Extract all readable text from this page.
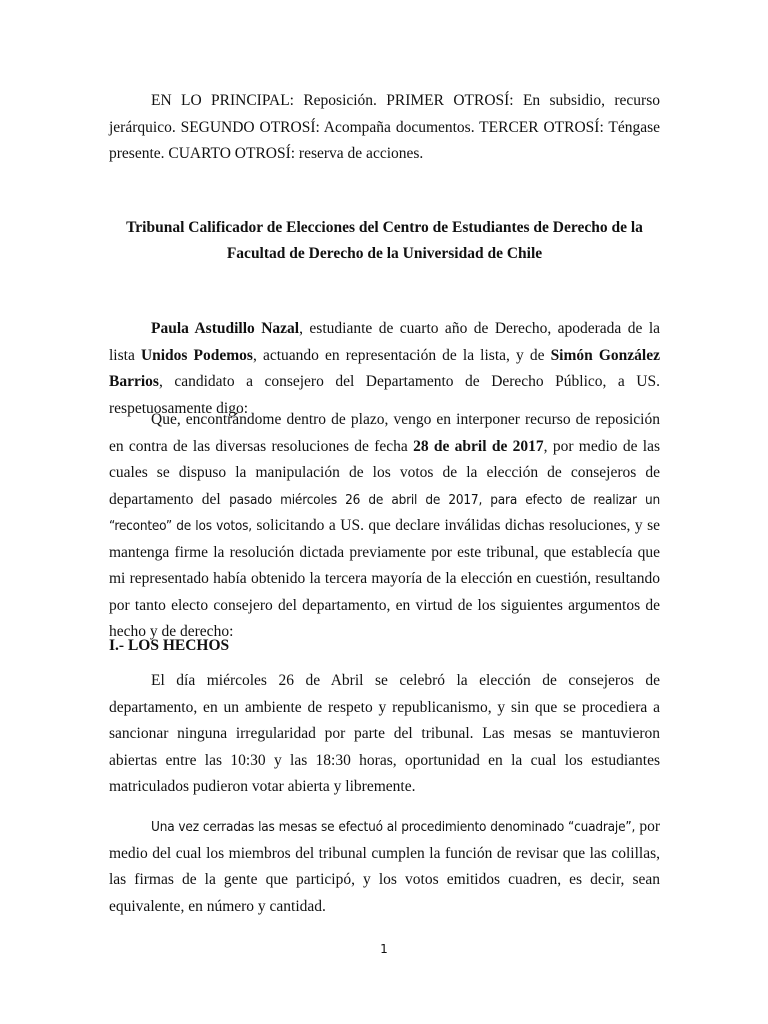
EN LO PRINCIPAL: Reposición. PRIMER OTROSÍ: En subsidio, recurso jerárquico. SEGUNDO OTROSÍ: Acompaña documentos. TERCER OTROSÍ: Téngase presente. CUARTO OTROSÍ: reserva de acciones.

Tribunal Calificador de Elecciones del Centro de Estudiantes de Derecho de la

Facultad de Derecho de la Universidad de Chile

Paula Astudillo Nazal, estudiante de cuarto año de Derecho, apoderada de la lista Unidos Podemos, actuando en representación de la lista, y de Simón González Barrios, candidato a consejero del Departamento de Derecho Público, a US. respetuosamente digo:

Que, encontrándome dentro de plazo, vengo en interponer recurso de reposición en contra de las diversas resoluciones de fecha 28 de abril de 2017, por medio de las cuales se dispuso la manipulación de los votos de la elección de consejeros de departamento del pasado miércoles 26 de abril de 2017, para efecto de realizar un “reconteo” de los votos, solicitando a US. que declare inválidas dichas resoluciones, y se mantenga firme la resolución dictada previamente por este tribunal, que establecía que mi representado había obtenido la tercera mayoría de la elección en cuestión, resultando por tanto electo consejero del departamento, en virtud de los siguientes argumentos de hecho y de derecho:

I.- LOS HECHOS

El día miércoles 26 de Abril se celebró la elección de consejeros de departamento, en un ambiente de respeto y republicanismo, y sin que se procediera a sancionar ninguna irregularidad por parte del tribunal. Las mesas se mantuvieron abiertas entre las 10:30 y las 18:30 horas, oportunidad en la cual los estudiantes matriculados pudieron votar abierta y libremente.

Una vez cerradas las mesas se efectuó al procedimiento denominado “cuadraje”, por medio del cual los miembros del tribunal cumplen la función de revisar que las colillas, las firmas de la gente que participó, y los votos emitidos cuadren, es decir, sean equivalente, en número y cantidad.

1
